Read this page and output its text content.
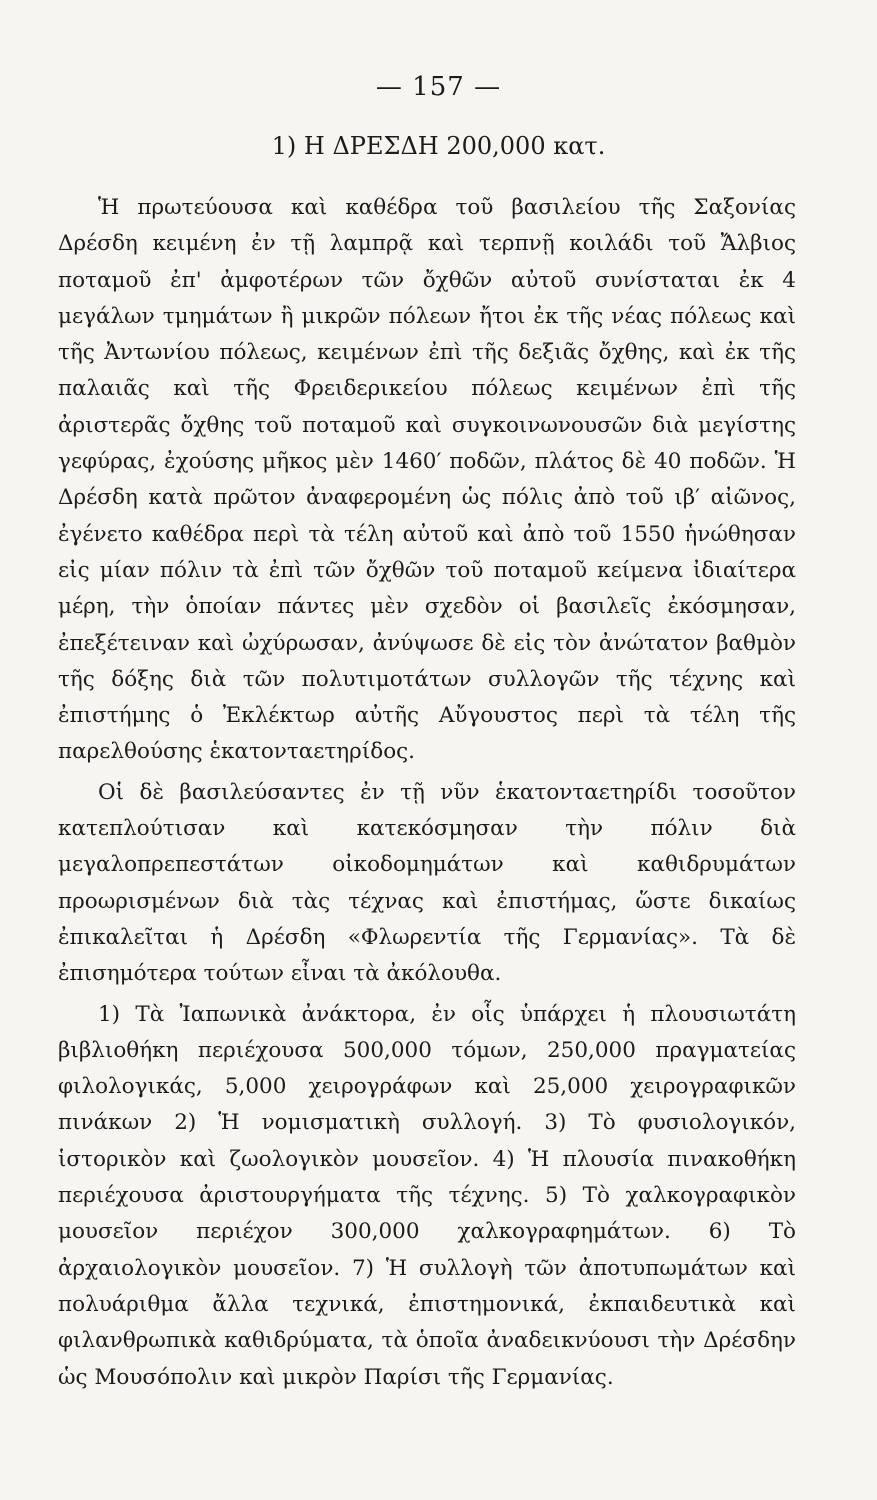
— 157 —
1) Η ΔΡΕΣΔΗ 200,000 κατ.

Ἡ πρωτεύουσα καὶ καθέδρα τοῦ βασιλείου τῆς Σαξονίας Δρέσδη κειμένη ἐν τῇ λαμπρᾷ καὶ τερπνῇ κοιλάδι τοῦ Ἄλβιος ποταμοῦ ἐπ' ἀμφοτέρων τῶν ὄχθῶν αὐτοῦ συνίσταται ἐκ 4 μεγάλων τμημάτων ἢ μικρῶν πόλεων ἤτοι ἐκ τῆς νέας πόλεως καὶ τῆς Ἀντωνίου πόλεως, κειμένων ἐπὶ τῆς δεξιᾶς ὄχθης, καὶ ἐκ τῆς παλαιᾶς καὶ τῆς Φρειδερικείου πόλεως κειμένων ἐπὶ τῆς ἀριστερᾶς ὄχθης τοῦ ποταμοῦ καὶ συγκοινωνουσῶν διὰ μεγίστης γεφύρας, ἐχούσης μῆκος μὲν 1460′ ποδῶν, πλάτος δὲ 40 ποδῶν. Ἡ Δρέσδη κατὰ πρῶτον ἀναφερομένη ὡς πόλις ἀπὸ τοῦ ιβ′ αἰῶνος, ἐγένετο καθέδρα περὶ τὰ τέλη αὐτοῦ καὶ ἀπὸ τοῦ 1550 ἡνώθησαν εἰς μίαν πόλιν τὰ ἐπὶ τῶν ὄχθῶν τοῦ ποταμοῦ κείμενα ἰδιαίτερα μέρη, τὴν ὁποίαν πάντες μὲν σχεδὸν οἱ βασιλεῖς ἐκόσμησαν, ἐπεξέτειναν καὶ ὠχύρωσαν, ἀνύψωσε δὲ εἰς τὸν ἀνώτατον βαθμὸν τῆς δόξης διὰ τῶν πολυτιμοτάτων συλλογῶν τῆς τέχνης καὶ ἐπιστήμης ὁ Ἐκλέκτωρ αὐτῆς Αὔγουστος περὶ τὰ τέλη τῆς παρελθούσης ἑκατονταετηρίδος.

Οἱ δὲ βασιλεύσαντες ἐν τῇ νῦν ἑκατονταετηρίδι τοσοῦτον κατεπλούτισαν καὶ κατεκόσμησαν τὴν πόλιν διὰ μεγαλοπρεπεστάτων οἰκοδομημάτων καὶ καθιδρυμάτων προωρισμένων διὰ τὰς τέχνας καὶ ἐπιστήμας, ὥστε δικαίως ἐπικαλεῖται ἡ Δρέσδη «Φλωρεντία τῆς Γερμανίας». Τὰ δὲ ἐπισημότερα τούτων εἶναι τὰ ἀκόλουθα.

1) Τὰ Ἰαπωνικὰ ἀνάκτορα, ἐν οἷς ὑπάρχει ἡ πλουσιωτάτη βιβλιοθήκη περιέχουσα 500,000 τόμων, 250,000 πραγματείας φιλολογικάς, 5,000 χειρογράφων καὶ 25,000 χειρογραφικῶν πινάκων 2) Ἡ νομισματικὴ συλλογή. 3) Τὸ φυσιολογικόν, ἱστορικὸν καὶ ζωολογικὸν μουσεῖον. 4) Ἡ πλουσία πινακοθήκη περιέχουσα ἀριστουργήματα τῆς τέχνης. 5) Τὸ χαλκογραφικὸν μουσεῖον περιέχον 300,000 χαλκογραφημάτων. 6) Τὸ ἀρχαιολογικὸν μουσεῖον. 7) Ἡ συλλογὴ τῶν ἀποτυπωμάτων καὶ πολυάριθμα ἄλλα τεχνικά, ἐπιστημονικά, ἐκπαιδευτικὰ καὶ φιλανθρωπικὰ καθιδρύματα, τὰ ὁποῖα ἀναδεικνύουσι τὴν Δρέσδην ὡς Μουσόπολιν καὶ μικρὸν Παρίσι τῆς Γερμανίας.
